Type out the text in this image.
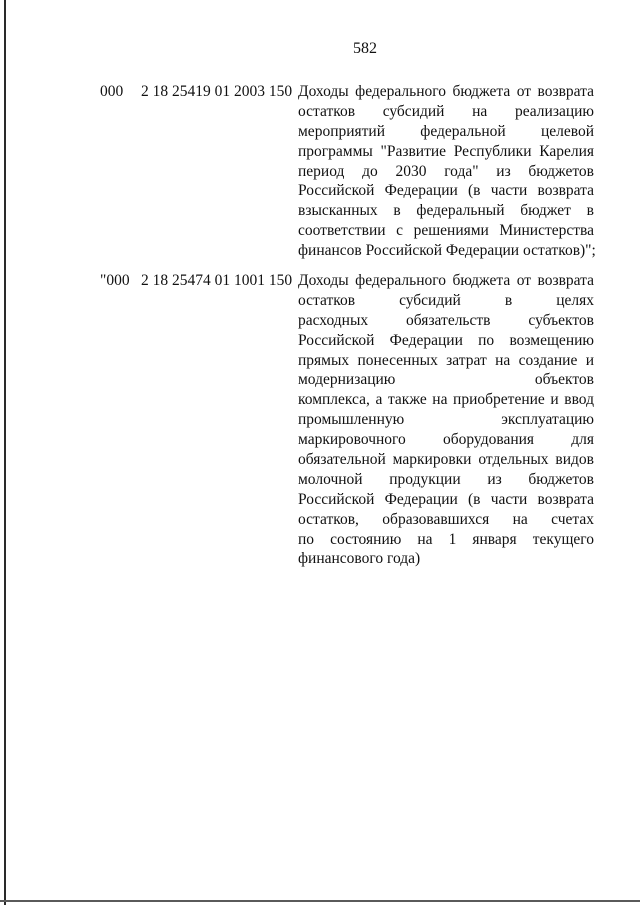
582
000 2 18 25419 01 2003 150 Доходы федерального бюджета от возврата
остатков субсидий на реализацию
мероприятий федеральной целевой
программы "Развитие Республики Карелия
период до 2030 года" из бюджетов
Российской Федерации (в части возврата
взысканных в федеральный бюджет в
соответствии с решениями Министерства
финансов Российской Федерации остатков)";
"000 2 18 25474 01 1001 150 Доходы федерального бюджета от возврата
остатков субсидий в целях
расходных обязательств субъектов
Российской Федерации по возмещению
прямых понесенных затрат на создание и
модернизацию объектов
комплекса, а также на приобретение и ввод
промышленную эксплуатацию
маркировочного оборудования для
обязательной маркировки отдельных видов
молочной продукции из бюджетов
Российской Федерации (в части возврата
остатков, образовавшихся на счетах
по состоянию на 1 января текущего
финансового года)
